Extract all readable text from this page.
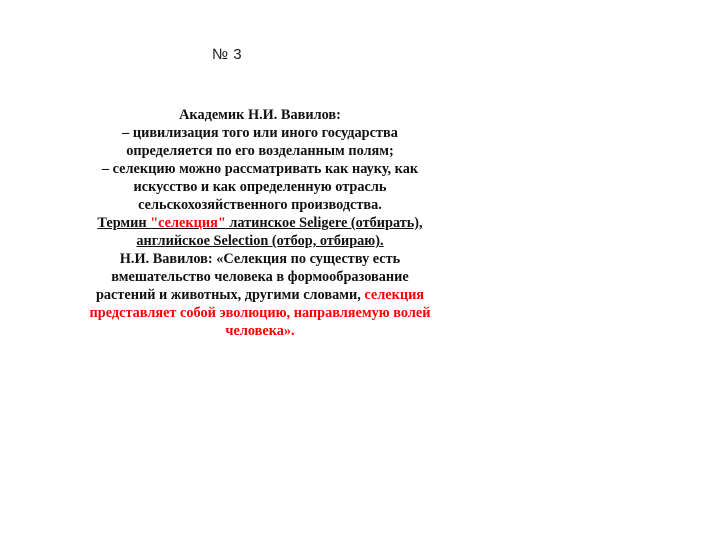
№ 3
Академик Н.И. Вавилов:
– цивилизация того или иного государства
определяется по его возделанным полям;
– селекцию можно рассматривать как науку, как
искусство и как определенную отрасль
сельскохозяйственного производства.
Термин "селекция" латинское Seligere (отбирать),
английское Selection (отбор, отбираю).
Н.И. Вавилов: «Селекция по существу есть
вмешательство человека в формообразование
растений и животных, другими словами, селекция
представляет собой эволюцию, направляемую волей
человека».
